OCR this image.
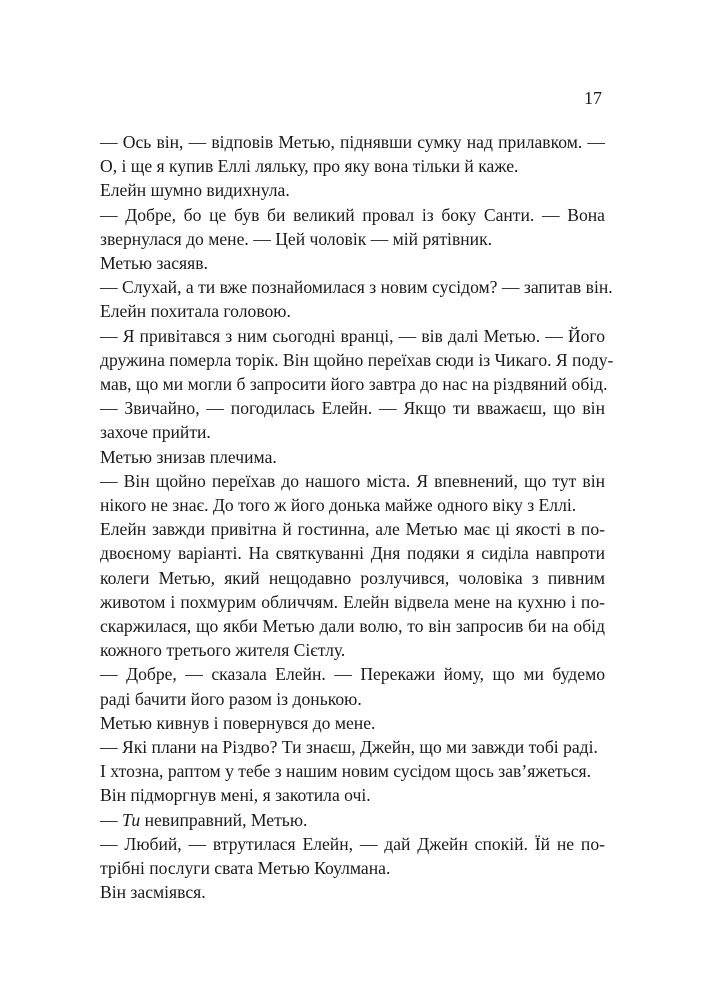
17
— Ось він, — відповів Метью, піднявши сумку над прилавком. —
О, і ще я купив Еллі ляльку, про яку вона тільки й каже.
Елейн шумно видихнула.
— Добре, бо це був би великий провал із боку Санти. — Вона
звернулася до мене. — Цей чоловік — мій рятівник.
Метью засяяв.
— Слухай, а ти вже познайомилася з новим сусідом? — запитав він.
Елейн похитала головою.
— Я привітався з ним сьогодні вранці, — вів далі Метью. — Його
дружина померла торік. Він щойно переїхав сюди із Чикаго. Я поду-
мав, що ми могли б запросити його завтра до нас на різдвяний обід.
— Звичайно, — погодилась Елейн. — Якщо ти вважаєш, що він
захоче прийти.
Метью знизав плечима.
— Він щойно переїхав до нашого міста. Я впевнений, що тут він
нікого не знає. До того ж його донька майже одного віку з Еллі.
Елейн завжди привітна й гостинна, але Метью має ці якості в по-
двоєному варіанті. На святкуванні Дня подяки я сиділа навпроти
колеги Метью, який нещодавно розлучився, чоловіка з пивним
животом і похмурим обличчям. Елейн відвела мене на кухню і по-
скаржилася, що якби Метью дали волю, то він запросив би на обід
кожного третього жителя Сієтлу.
— Добре, — сказала Елейн. — Перекажи йому, що ми будемо
раді бачити його разом із донькою.
Метью кивнув і повернувся до мене.
— Які плани на Різдво? Ти знаєш, Джейн, що ми завжди тобі раді.
І хтозна, раптом у тебе з нашим новим сусідом щось зав’яжеться.
Він підморгнув мені, я закотила очі.
— Ти невиправний, Метью.
— Любий, — втрутилася Елейн, — дай Джейн спокій. Їй не по-
трібні послуги свата Метью Коулмана.
Він засміявся.
